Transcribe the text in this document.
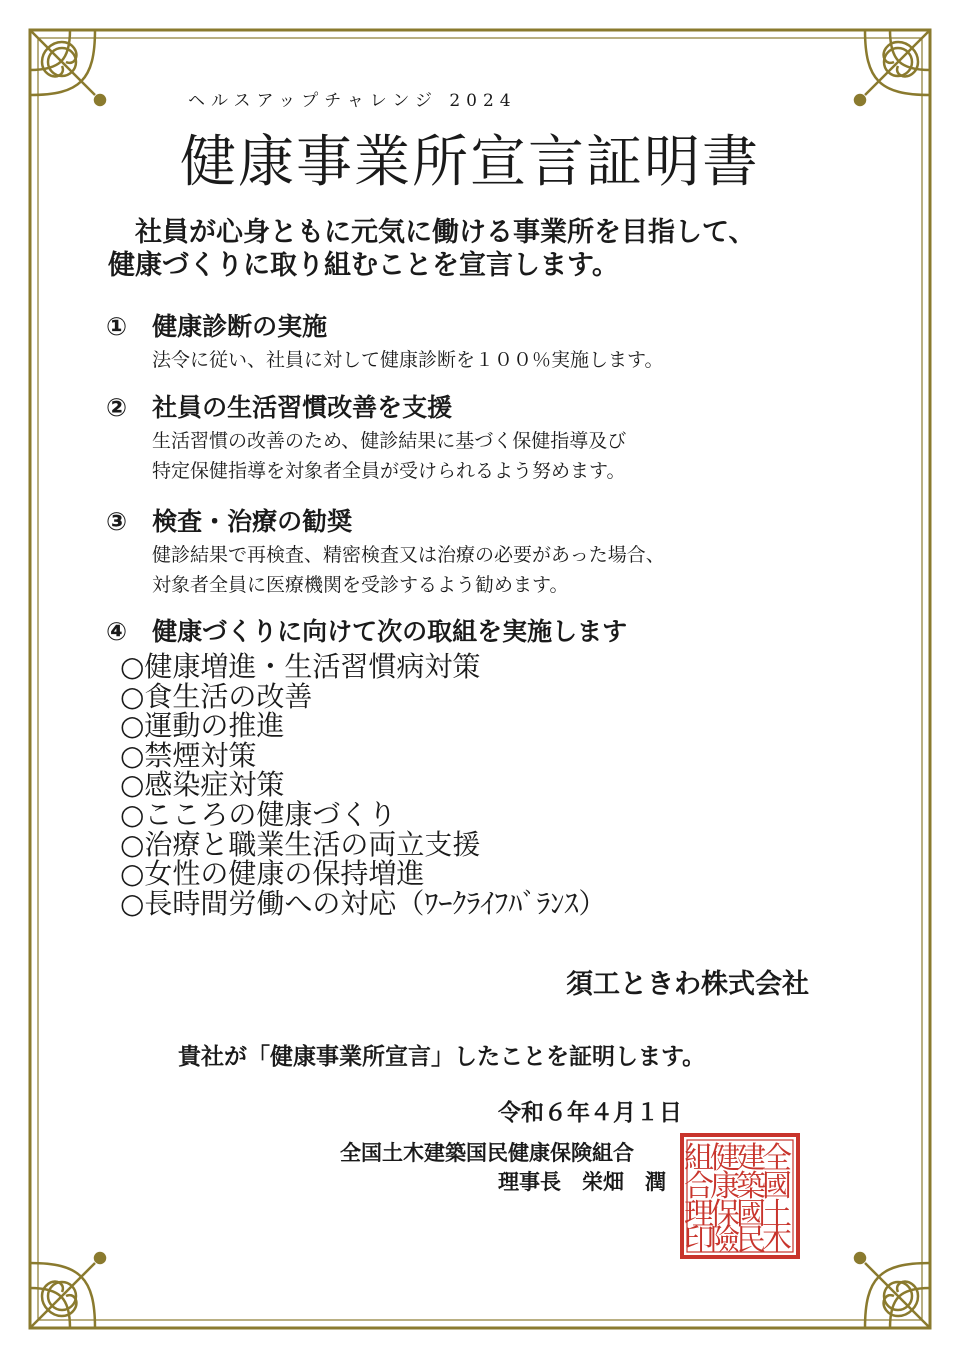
ヘルスアップチャレンジ 2024
健康事業所宣言証明書
　社員が心身ともに元気に働ける事業所を目指して、
健康づくりに取り組むことを宣言します。
①　健康診断の実施
法令に従い、社員に対して健康診断を１００％実施します。
②　社員の生活習慣改善を支援
生活習慣の改善のため、健診結果に基づく保健指導及び
特定保健指導を対象者全員が受けられるよう努めます。
③　検査・治療の勧奨
健診結果で再検査、精密検査又は治療の必要があった場合、
対象者全員に医療機関を受診するよう勧めます。
④　健康づくりに向けて次の取組を実施します
○健康増進・生活習慣病対策
○食生活の改善
○運動の推進
○禁煙対策
○感染症対策
○こころの健康づくり
○治療と職業生活の両立支援
○女性の健康の保持増進
○長時間労働への対応（ﾜｰｸﾗｲﾌﾊﾞﾗﾝｽ）
須工ときわ株式会社
貴社が「健康事業所宣言」したことを証明します。
令和６年４月１日
全国土木建築国民健康保険組合
理事長　栄畑　潤
全
國
土
木
建
築
國
民
健
康
保
險
組
合
理
印
